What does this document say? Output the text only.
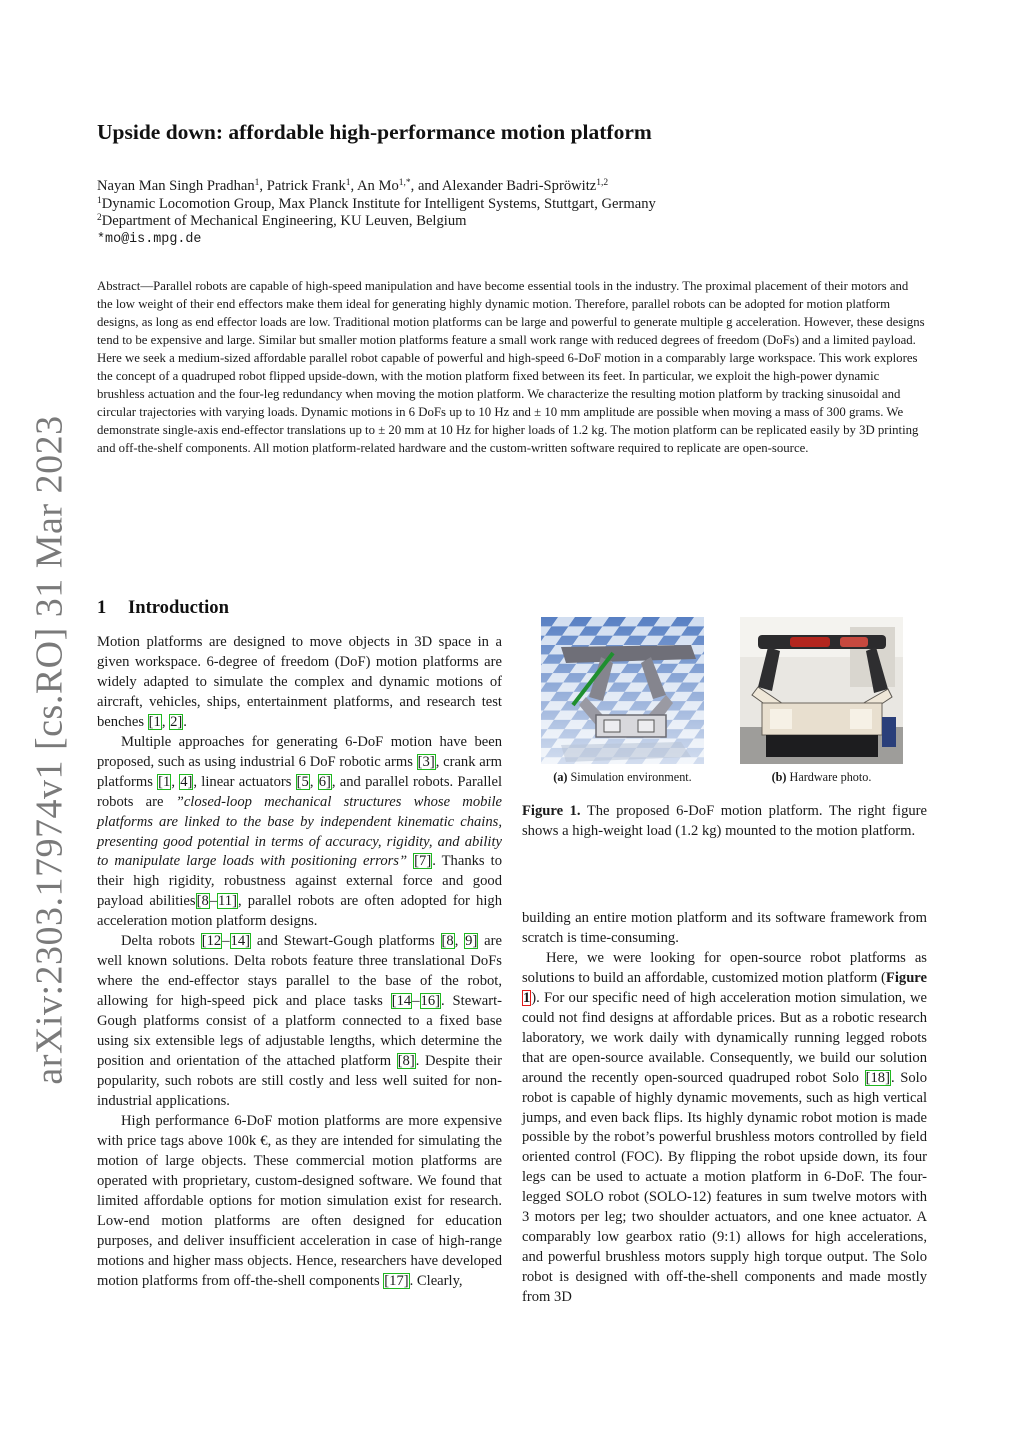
arXiv:2303.17974v1 [cs.RO] 31 Mar 2023
Upside down: affordable high-performance motion platform
Nayan Man Singh Pradhan$^1$, Patrick Frank$^1$, An $Mo^{1,*}$, and Alexander Badri-Spröwitz$^{1,2}$
$^1$Dynamic Locomotion Group, Max Planck Institute for Intelligent Systems, Stuttgart, Germany
$^2$Department of Mechanical Engineering, KU Leuven, Belgium
*mo@is.mpg.de

Abstract—Parallel robots are capable of high-speed manipulation and have become essential tools in the industry. The proximal placement of their motors and the low weight of their end effectors make them ideal for generating highly dynamic motion. Therefore, parallel robots can be adopted for motion platform designs, as long as end effector loads are low. Traditional motion platforms can be large and powerful to generate multiple g acceleration. However, these designs tend to be expensive and large. Similar but smaller motion platforms feature a small work range with reduced degrees of freedom (DoFs) and a limited payload. Here we seek a medium-sized affordable parallel robot capable of powerful and high-speed 6-DoF motion in a comparably large workspace. This work explores the concept of a quadruped robot flipped upside-down, with the motion platform fixed between its feet. In particular, we exploit the high-power dynamic brushless actuation and the four-leg redundancy when moving the motion platform. We characterize the resulting motion platform by tracking sinusoidal and circular trajectories with varying loads. Dynamic motions in 6 DoFs up to 10 Hz and ± 10 mm amplitude are possible when moving a mass of 300 grams. We demonstrate single-axis end-effector translations up to ± 20 mm at 10 Hz for higher loads of 1.2 kg. The motion platform can be replicated easily by 3D printing and off-the-shelf components. All motion platform-related hardware and the custom-written software required to replicate are open-source.

1 Introduction

Motion platforms are designed to move objects in 3D space in a given workspace. 6-degree of freedom (DoF) motion platforms are widely adapted to simulate the complex and dynamic motions of aircraft, vehicles, ships, entertainment platforms, and research test benches [1, 2].

Multiple approaches for generating 6-DoF motion have been proposed, such as using industrial 6 DoF robotic arms [3], crank arm platforms [1, 4], linear actuators [5, 6], and parallel robots. Parallel robots are ”closed-loop mechanical structures whose mobile platforms are linked to the base by independent kinematic chains, presenting good potential in terms of accuracy, rigidity, and ability to manipulate large loads with positioning errors” [7]. Thanks to their high rigidity, robustness against external force and good payload abilities[8–11], parallel robots are often adopted for high acceleration motion platform designs.

Delta robots [12–14] and Stewart-Gough platforms [8, 9] are well known solutions. Delta robots feature three translational DoFs where the end-effector stays parallel to the base of the robot, allowing for high-speed pick and place tasks [14–16]. Stewart-Gough platforms consist of a platform connected to a fixed base using six extensible legs of adjustable lengths, which determine the position and orientation of the attached platform [8]. Despite their popularity, such robots are still costly and less well suited for non-industrial applications.

High performance 6-DoF motion platforms are more expensive with price tags above 100k €, as they are intended for simulating the motion of large objects. These commercial motion platforms are operated with proprietary, custom-designed software. We found that limited affordable options for motion simulation exist for research. Low-end motion platforms are often designed for education purposes, and deliver insufficient acceleration in case of high-range motions and higher mass objects. Hence, researchers have developed motion platforms from off-the-shell components [17]. Clearly,

(a) Simulation environment.	(b) Hardware photo.
Figure 1. The proposed 6-DoF motion platform. The right figure shows a high-weight load (1.2 kg) mounted to the motion platform.

building an entire motion platform and its software framework from scratch is time-consuming.

Here, we were looking for open-source robot platforms as solutions to build an affordable, customized motion platform (Figure 1). For our specific need of high acceleration motion simulation, we could not find designs at affordable prices. But as a robotic research laboratory, we work daily with dynamically running legged robots that are open-source available. Consequently, we build our solution around the recently open-sourced quadruped robot Solo [18]. Solo robot is capable of highly dynamic movements, such as high vertical jumps, and even back flips. Its highly dynamic robot motion is made possible by the robot’s powerful brushless motors controlled by field oriented control (FOC). By flipping the robot upside down, its four legs can be used to actuate a motion platform in 6-DoF. The four-legged SOLO robot (SOLO-12) features in sum twelve motors with 3 motors per leg; two shoulder actuators, and one knee actuator. A comparably low gearbox ratio (9:1) allows for high accelerations, and powerful brushless motors supply high torque output. The Solo robot is designed with off-the-shell components and made mostly from 3D
